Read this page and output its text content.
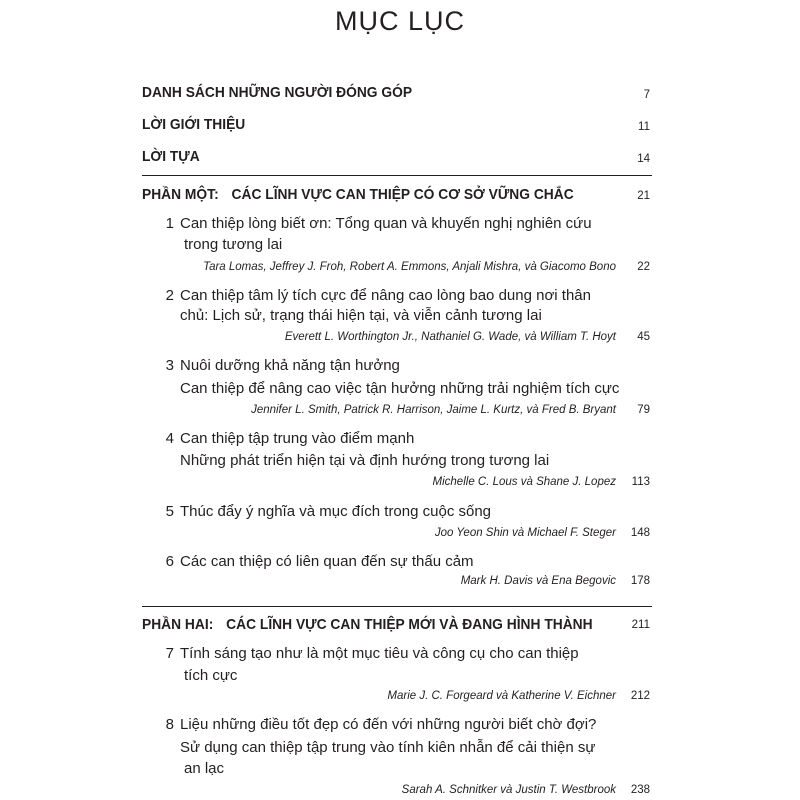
MỤC LỤC
DANH SÁCH NHỮNG NGƯỜI ĐÓNG GÓP	7
LỜI GIỚI THIỆU	11
LỜI TỰA	14
PHẦN MỘT: CÁC LĨNH VỰC CAN THIỆP CÓ CƠ SỞ VỮNG CHẮC	21
1 Can thiệp lòng biết ơn: Tổng quan và khuyến nghị nghiên cứu
trong tương lai
Tara Lomas, Jeffrey J. Froh, Robert A. Emmons, Anjali Mishra, và Giacomo Bono 22
2 Can thiệp tâm lý tích cực để nâng cao lòng bao dung nơi thân
chủ: Lịch sử, trạng thái hiện tại, và viễn cảnh tương lai
Everett L. Worthington Jr., Nathaniel G. Wade, và William T. Hoyt 45
3 Nuôi dưỡng khả năng tận hưởng
Can thiệp để nâng cao việc tận hưởng những trải nghiệm tích cực
Jennifer L. Smith, Patrick R. Harrison, Jaime L. Kurtz, và Fred B. Bryant 79
4 Can thiệp tập trung vào điểm mạnh
Những phát triển hiện tại và định hướng trong tương lai
Michelle C. Lous và Shane J. Lopez 113
5 Thúc đẩy ý nghĩa và mục đích trong cuộc sống
Joo Yeon Shin và Michael F. Steger 148
6 Các can thiệp có liên quan đến sự thấu cảm
Mark H. Davis và Ena Begovic 178
PHẦN HAI: CÁC LĨNH VỰC CAN THIỆP MỚI VÀ ĐANG HÌNH THÀNH	211
7 Tính sáng tạo như là một mục tiêu và công cụ cho can thiệp
tích cực
Marie J. C. Forgeard và Katherine V. Eichner 212
8 Liệu những điều tốt đẹp có đến với những người biết chờ đợi?
Sử dụng can thiệp tập trung vào tính kiên nhẫn để cải thiện sự
an lạc
Sarah A. Schnitker và Justin T. Westbrook 238
